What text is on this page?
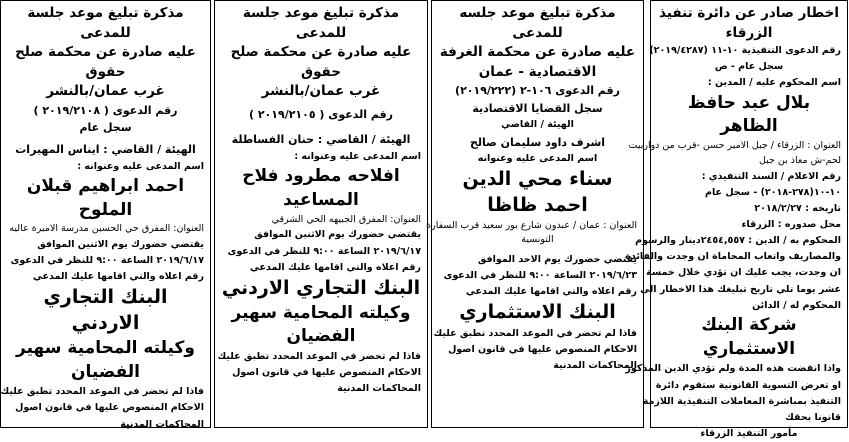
اخطار صادر عن دائرة تنفيذ الزرقاء
رقم الدعوى التنفيذية ١٠-١١ (٢٠١٩/٤٢٨٧)
سجل عام - ص
اسم المحكوم عليه / المدين :
بلال عبد حافظ الظاهر
العنوان : الزرقاء / جبل الامير حسن -قرب من دواربيت
لحم-ش معاذ بن جبل
رقم الاعلام / السند التنفيذي :
١٠-١٠(٢٧٨-٢٠١٨) - سجل عام
تاريخه : ٢٠١٨/٢/٢٧
محل صدوره : الزرقاء
المحكوم به / الدين : ٢٤٥٤,٥٥٧دينار والرسوم
والمصاريف واتعاب المحاماة ان وجدت والفائدة
ان وجدت، يجب عليك ان تؤدي خلال خمسة
عشر يوما تلي تاريخ تبليغك هذا الاخطار الى
المحكوم له / الدائن
شركة البنك الاستثماري
واذا انقضت هذه المدة ولم تؤدي الدين المذكور
او تعرض التسوية القانونية ستقوم دائرة
التنفيذ بمباشرة المعاملات التنفيذية اللازمة
قانونا بحقك
مأمور التنفيذ الزرقاء
مذكرة تبليغ موعد جلسه للمدعى
عليه صادرة عن محكمة الغرفة
الاقتصادية - عمان
رقم الدعوى ١٠٦-٢ (٢٠١٩/٢٢٢)
سجل القضايا الاقتصادية
الهيئة / القاضي
اشرف داود سليمان صالح
اسم المدعى عليه وعنوانه
سناء محي الدين احمد ظاظا
العنوان : عمان / عبدون شارع بور سعيد قرب السفارة
التونسية
يقتضي حضورك يوم الاحد الموافق
٢٠١٩/٦/٢٣ الساعة ٩:٠٠ للنظر في الدعوى
رقم اعلاه والتي اقامها عليك المدعي
البنك الاستثماري
فاذا لم تحضر في الموعد المحدد تطبق عليك
الاحكام المنصوص عليها في قانون اصول
المحاكمات المدنية
مذكرة تبليغ موعد جلسة للمدعى
عليه صادرة عن محكمة صلح حقوق
غرب عمان/بالنشر
رقم الدعوى ( ٢٠١٩/٢١٠٥ )
الهيئة / القاضي : حنان الفساطلة
اسم المدعى عليه وعنوانه :
افلاحه مطرود فلاح المساعيد
العنوان: المفرق الجبيهه الحي الشرقي
يقتضي حضورك يوم الاثنين الموافق
٢٠١٩/٦/١٧ الساعة ٩:٠٠ للنظر في الدعوى
رقم اعلاه والتي اقامها عليك المدعي
البنك التجاري الاردني
وكيلته المحامية سهير الفضيان
فاذا لم تحضر في الموعد المحدد تطبق عليك
الاحكام المنصوص عليها في قانون اصول
المحاكمات المدنية
مذكرة تبليغ موعد جلسة للمدعى
عليه صادرة عن محكمة صلح حقوق
غرب عمان/بالنشر
رقم الدعوى ( ٢٠١٩/٢١٠٨ )
سجل عام
الهيئة / القاضي : ايناس المهيرات
اسم المدعى عليه وعنوانه :
احمد ابراهيم قبلان الملوح
العنوان: المفرق حي الحسين مدرسة الاميرة عاليه
يقتضي حضورك يوم الاثنين الموافق
٢٠١٩/٦/١٧ الساعة ٩:٠٠ للنظر في الدعوى
رقم اعلاه والتي اقامها عليك المدعي
البنك التجاري الاردني
وكيلته المحامية سهير الفضيان
فاذا لم تحضر في الموعد المحدد تطبق عليك
الاحكام المنصوص عليها في قانون اصول
المحاكمات المدنية
